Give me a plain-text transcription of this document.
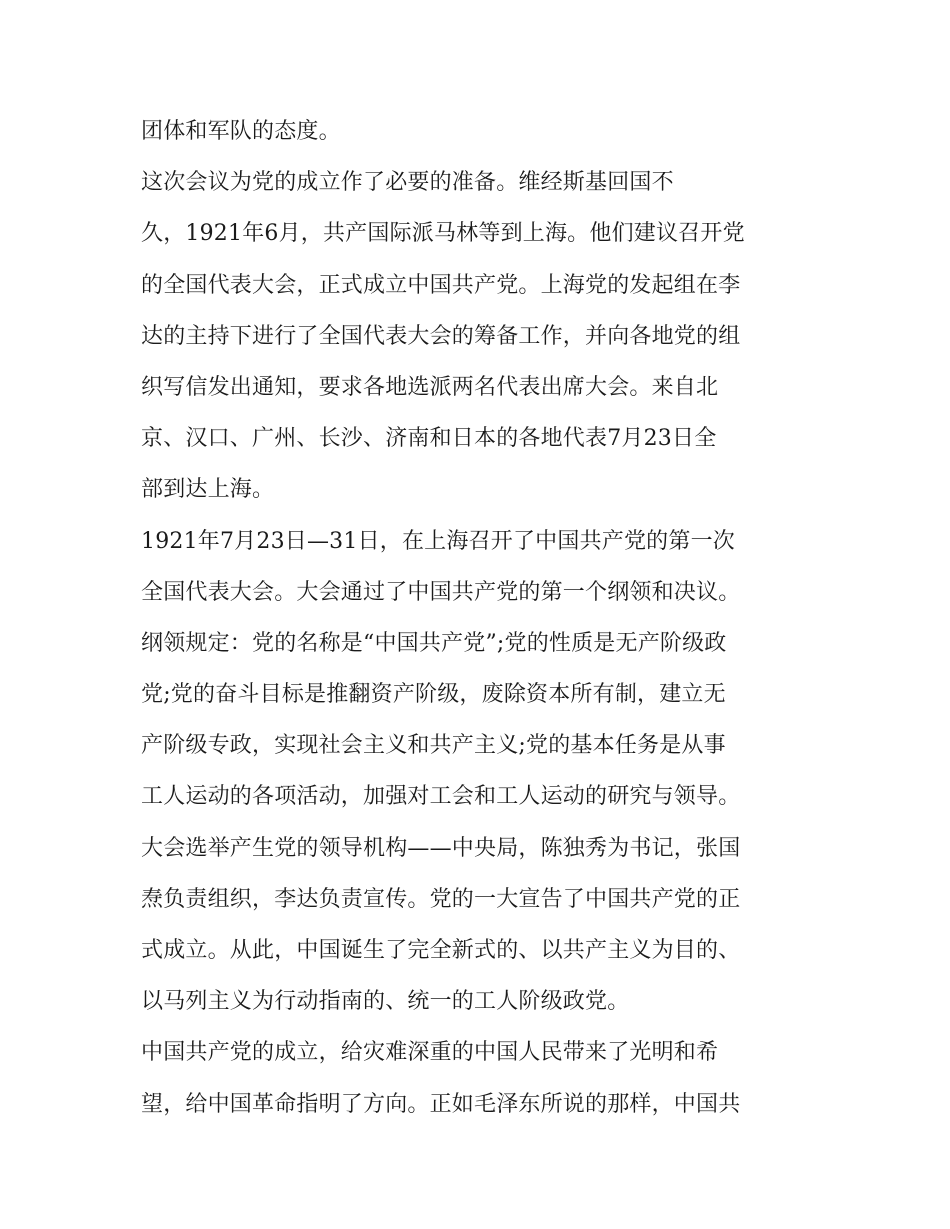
团体和军队的态度。
这次会议为党的成立作了必要的准备。维经斯基回国不
久，1921年6月，共产国际派马林等到上海。他们建议召开党
的全国代表大会，正式成立中国共产党。上海党的发起组在李
达的主持下进行了全国代表大会的筹备工作，并向各地党的组
织写信发出通知，要求各地选派两名代表出席大会。来自北
京、汉口、广州、长沙、济南和日本的各地代表7月23日全
部到达上海。
1921年7月23日—31日，在上海召开了中国共产党的第一次
全国代表大会。大会通过了中国共产党的第一个纲领和决议。
纲领规定：党的名称是“中国共产党”;党的性质是无产阶级政
党;党的奋斗目标是推翻资产阶级，废除资本所有制，建立无
产阶级专政，实现社会主义和共产主义;党的基本任务是从事
工人运动的各项活动，加强对工会和工人运动的研究与领导。
大会选举产生党的领导机构——中央局，陈独秀为书记，张国
焘负责组织，李达负责宣传。党的一大宣告了中国共产党的正
式成立。从此，中国诞生了完全新式的、以共产主义为目的、
以马列主义为行动指南的、统一的工人阶级政党。
中国共产党的成立，给灾难深重的中国人民带来了光明和希
望，给中国革命指明了方向。正如毛泽东所说的那样，中国共
